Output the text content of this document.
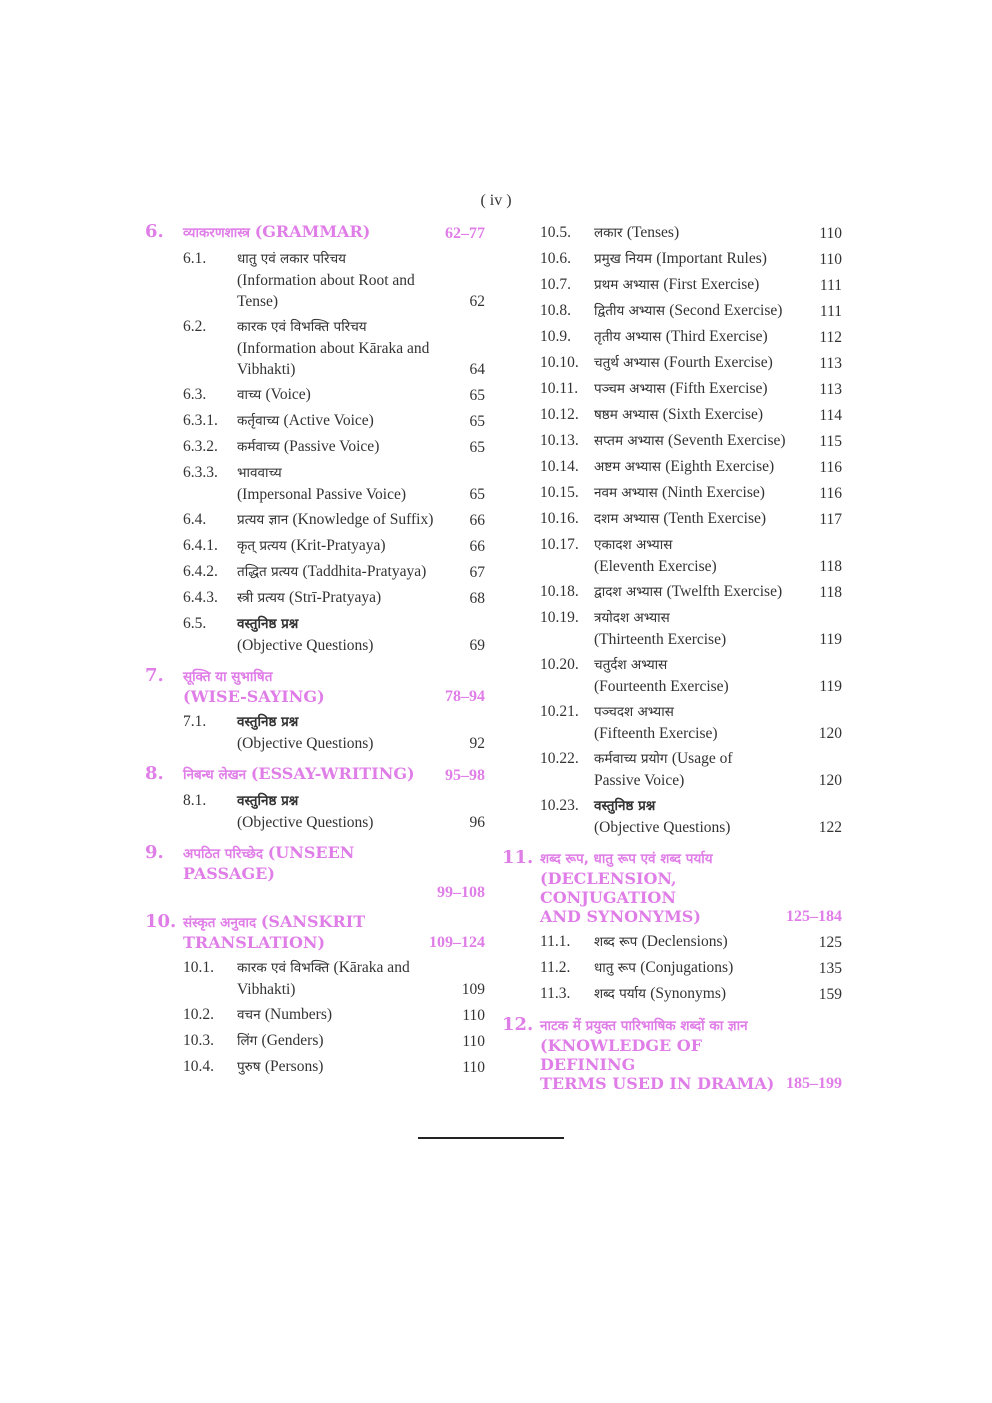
( iv )
6.	व्याकरणशास्त्र (GRAMMAR)	62–77
6.1. धातु एवं लकार परिचय
(Information about Root and
Tense)	62
6.2. कारक एवं विभक्ति परिचय
(Information about Kāraka and
Vibhakti)	64
6.3. वाच्य (Voice)	65
6.3.1. कर्तृवाच्य (Active Voice)	65
6.3.2. कर्मवाच्य (Passive Voice)	65
6.3.3. भाववाच्य
(Impersonal Passive Voice)	65
6.4. प्रत्यय ज्ञान (Knowledge of Suffix)	66
6.4.1. कृत् प्रत्यय (Krit-Pratyaya)	66
6.4.2. तद्धित प्रत्यय (Taddhita-Pratyaya)	67
6.4.3. स्त्री प्रत्यय (Strī-Pratyaya)	68
6.5. वस्तुनिष्ठ प्रश्न
(Objective Questions)	69
7.	सूक्ति या सुभाषित
(WISE-SAYING)	78–94
7.1. वस्तुनिष्ठ प्रश्न
(Objective Questions)	92
8.	निबन्ध लेखन (ESSAY-WRITING)	95–98
8.1. वस्तुनिष्ठ प्रश्न
(Objective Questions)	96
9.	अपठित परिच्छेद (UNSEEN PASSAGE)
99–108
10. संस्कृत अनुवाद (SANSKRIT
TRANSLATION)	109–124
10.1. कारक एवं विभक्ति (Kāraka and
Vibhakti)	109
10.2. वचन (Numbers)	110
10.3. लिंग (Genders)	110
10.4. पुरुष (Persons)	110
10.5. लकार (Tenses)	110
10.6. प्रमुख नियम (Important Rules)	110
10.7. प्रथम अभ्यास (First Exercise)	111
10.8. द्वितीय अभ्यास (Second Exercise)	111
10.9. तृतीय अभ्यास (Third Exercise)	112
10.10. चतुर्थ अभ्यास (Fourth Exercise)	113
10.11. पञ्चम अभ्यास (Fifth Exercise)	113
10.12. षष्ठम अभ्यास (Sixth Exercise)	114
10.13. सप्तम अभ्यास (Seventh Exercise)	115
10.14. अष्टम अभ्यास (Eighth Exercise)	116
10.15. नवम अभ्यास (Ninth Exercise)	116
10.16. दशम अभ्यास (Tenth Exercise)	117
10.17. एकादश अभ्यास
(Eleventh Exercise)	118
10.18. द्वादश अभ्यास (Twelfth Exercise)	118
10.19. त्रयोदश अभ्यास
(Thirteenth Exercise)	119
10.20. चतुर्दश अभ्यास
(Fourteenth Exercise)	119
10.21. पञ्चदश अभ्यास
(Fifteenth Exercise)	120
10.22. कर्मवाच्य प्रयोग (Usage of
Passive Voice)	120
10.23. वस्तुनिष्ठ प्रश्न
(Objective Questions)	122
11. शब्द रूप, धातु रूप एवं शब्द पर्याय
(DECLENSION, CONJUGATION
AND SYNONYMS)	125–184
11.1. शब्द रूप (Declensions)	125
11.2. धातु रूप (Conjugations)	135
11.3. शब्द पर्याय (Synonyms)	159
12. नाटक में प्रयुक्त पारिभाषिक शब्दों का ज्ञान
(KNOWLEDGE OF DEFINING
TERMS USED IN DRAMA) 185–199
